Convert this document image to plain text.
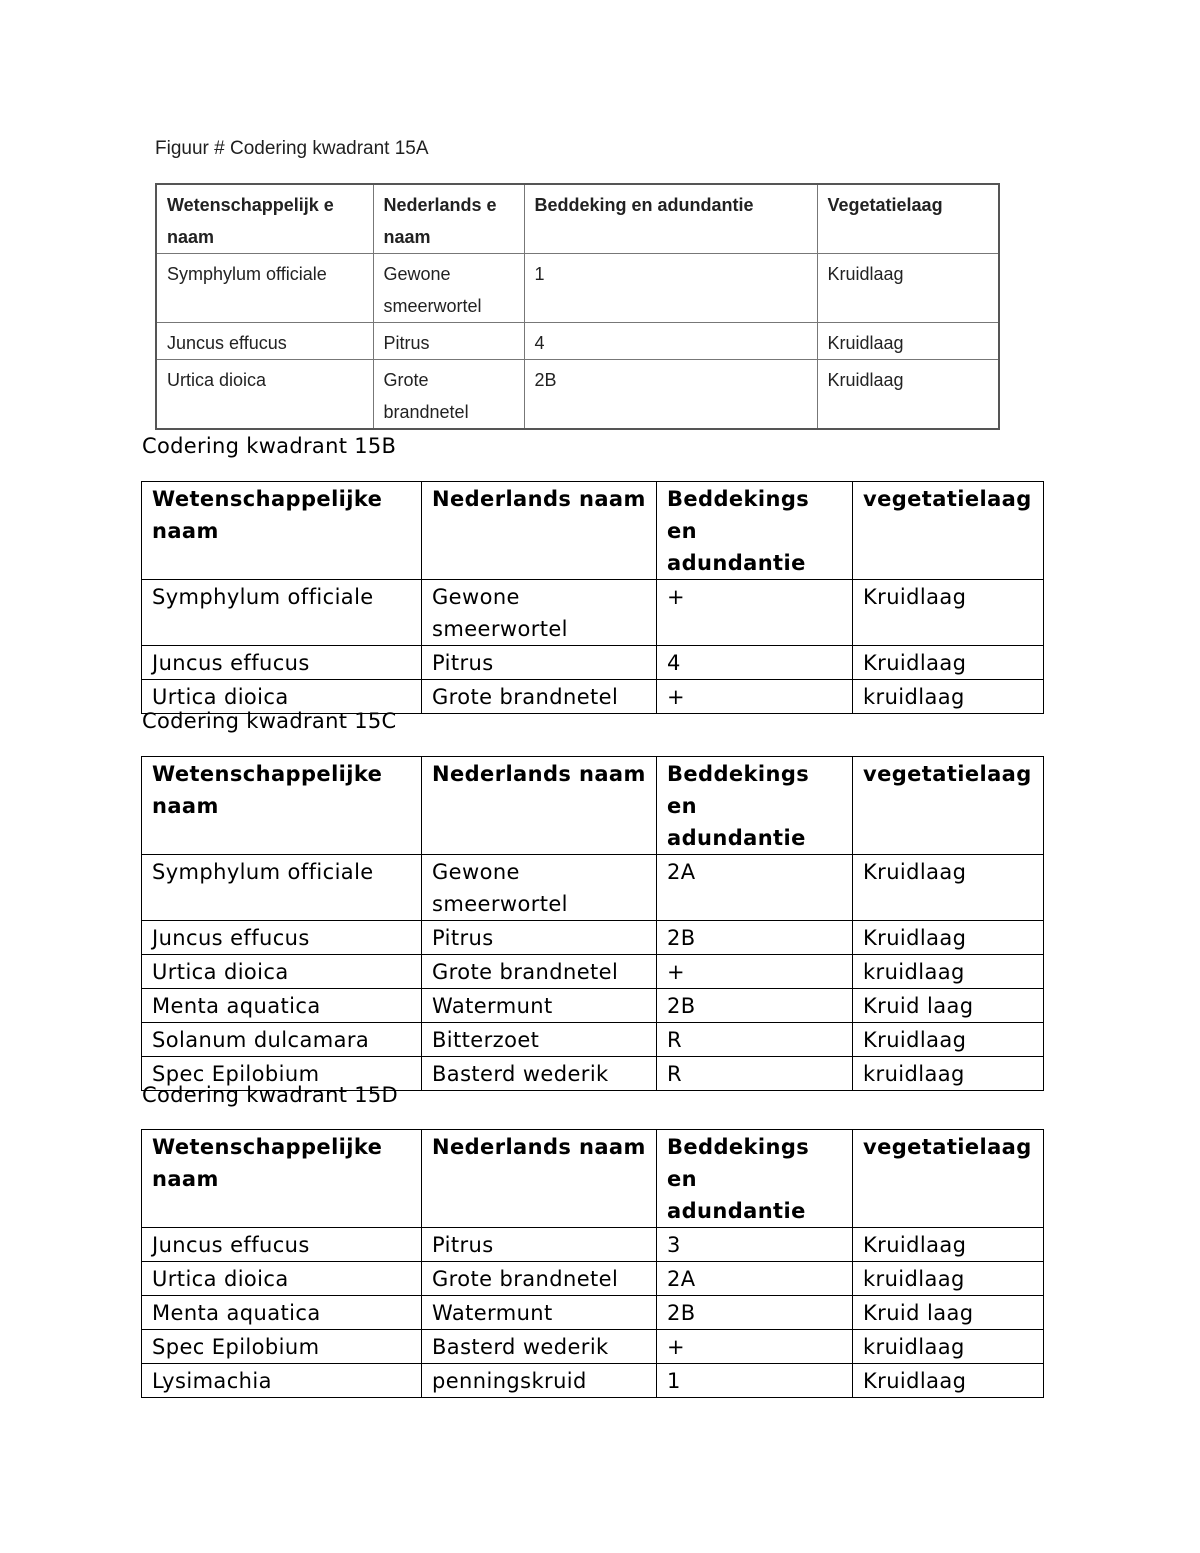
Figuur # Codering kwadrant 15A
Wetenschappelijk e naam	Nederlands e naam	Beddeking en adundantie	Vegetatielaag
Symphylum officiale	Gewone smeerwortel	1	Kruidlaag
Juncus effucus	Pitrus	4	Kruidlaag
Urtica dioica	Grote brandnetel	2B	Kruidlaag
Codering kwadrant 15B
Wetenschappelijke naam	Nederlands naam	Beddekings en adundantie	vegetatielaag
Symphylum officiale	Gewone smeerwortel	+	Kruidlaag
Juncus effucus	Pitrus	4	Kruidlaag
Urtica dioica	Grote brandnetel	+	kruidlaag
Codering kwadrant 15C
Wetenschappelijke naam	Nederlands naam	Beddekings en adundantie	vegetatielaag
Symphylum officiale	Gewone smeerwortel	2A	Kruidlaag
Juncus effucus	Pitrus	2B	Kruidlaag
Urtica dioica	Grote brandnetel	+	kruidlaag
Menta aquatica	Watermunt	2B	Kruid laag
Solanum dulcamara	Bitterzoet	R	Kruidlaag
Spec Epilobium	Basterd wederik	R	kruidlaag
Codering kwadrant 15D
Wetenschappelijke naam	Nederlands naam	Beddekings en adundantie	vegetatielaag
Juncus effucus	Pitrus	3	Kruidlaag
Urtica dioica	Grote brandnetel	2A	kruidlaag
Menta aquatica	Watermunt	2B	Kruid laag
Spec Epilobium	Basterd wederik	+	kruidlaag
Lysimachia	penningskruid	1	Kruidlaag
